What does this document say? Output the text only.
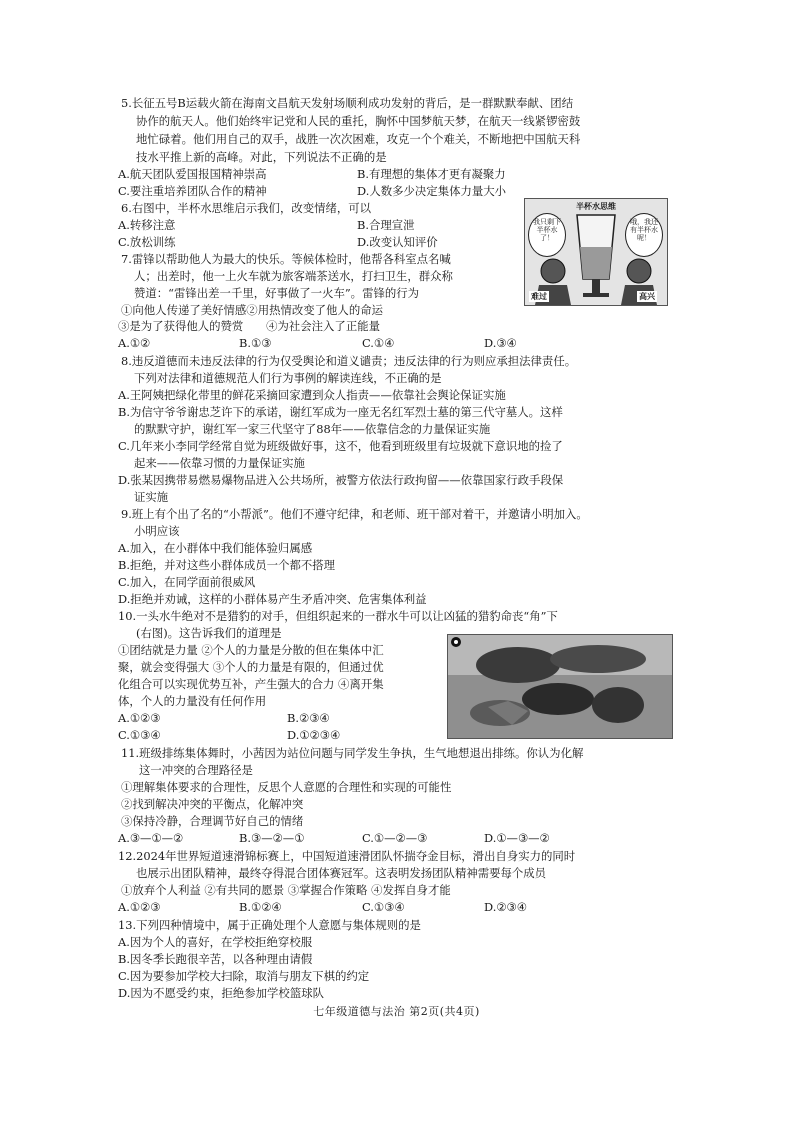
5.长征五号B运载火箭在海南文昌航天发射场顺利成功发射的背后，是一群默默奉献、团结
协作的航天人。他们始终牢记党和人民的重托，胸怀中国梦航天梦，在航天一线紧锣密鼓
地忙碌着。他们用自己的双手，战胜一次次困难，攻克一个个难关，不断地把中国航天科
技水平推上新的高峰。对此，下列说法不正确的是
A.航天团队爱国报国精神崇高	B.有理想的集体才更有凝聚力
C.要注重培养团队合作的精神	D.人数多少决定集体力量大小
6.右图中，半杯水思维启示我们，改变情绪，可以
A.转移注意	B.合理宣泄
C.放松训练	D.改变认知评价
半杯水思维
我只剩下半杯水了！
哦，我还有半杯水呢！
难过	高兴
7.雷锋以帮助他人为最大的快乐。等候体检时，他帮各科室点名喊
人；出差时，他一上火车就为旅客端茶送水，打扫卫生，群众称
赞道：“雷锋出差一千里，好事做了一火车”。雷锋的行为
①向他人传递了美好情感②用热情改变了他人的命运
③是为了获得他人的赞赏　　④为社会注入了正能量
A.①②	B.①③	C.①④	D.③④
8.违反道德而未违反法律的行为仅受舆论和道义谴责；违反法律的行为则应承担法律责任。
下列对法律和道德规范人们行为事例的解读连线，不正确的是
A.王阿姨把绿化带里的鲜花采摘回家遭到众人指责——依靠社会舆论保证实施
B.为信守爷爷谢忠芝许下的承诺，谢红军成为一座无名红军烈士墓的第三代守墓人。这样
的默默守护，谢红军一家三代坚守了88年——依靠信念的力量保证实施
C.几年来小李同学经常自觉为班级做好事，这不，他看到班级里有垃圾就下意识地的捡了
起来——依靠习惯的力量保证实施
D.张某因携带易燃易爆物品进入公共场所，被警方依法行政拘留——依靠国家行政手段保
证实施
9.班上有个出了名的“小帮派”。他们不遵守纪律，和老师、班干部对着干，并邀请小明加入。
小明应该
A.加入，在小群体中我们能体验归属感
B.拒绝，并对这些小群体成员一个都不搭理
C.加入，在同学面前很威风
D.拒绝并劝诫，这样的小群体易产生矛盾冲突、危害集体利益
10.一头水牛绝对不是猎豹的对手，但组织起来的一群水牛可以让凶猛的猎豹命丧“角”下
(右图)。这告诉我们的道理是
①团结就是力量 ②个人的力量是分散的但在集体中汇
聚，就会变得强大 ③个人的力量是有限的，但通过优
化组合可以实现优势互补，产生强大的合力 ④离开集
体，个人的力量没有任何作用
A.①②③	B.②③④
C.①③④	D.①②③④
11.班级排练集体舞时，小茜因为站位问题与同学发生争执，生气地想退出排练。你认为化解
这一冲突的合理路径是
①理解集体要求的合理性，反思个人意愿的合理性和实现的可能性
②找到解决冲突的平衡点，化解冲突
③保持冷静，合理调节好自己的情绪
A.③—①—②	B.③—②—①	C.①—②—③	D.①—③—②
12.2024年世界短道速滑锦标赛上，中国短道速滑团队怀揣夺金目标，滑出自身实力的同时
也展示出团队精神，最终夺得混合团体赛冠军。这表明发扬团队精神需要每个成员
①放弃个人利益 ②有共同的愿景 ③掌握合作策略 ④发挥自身才能
A.①②③	B.①②④	C.①③④	D.②③④
13.下列四种情境中，属于正确处理个人意愿与集体规则的是
A.因为个人的喜好，在学校拒绝穿校服
B.因冬季长跑很辛苦，以各种理由请假
C.因为要参加学校大扫除，取消与朋友下棋的约定
D.因为不愿受约束，拒绝参加学校篮球队
七年级道德与法治 第2页(共4页)
